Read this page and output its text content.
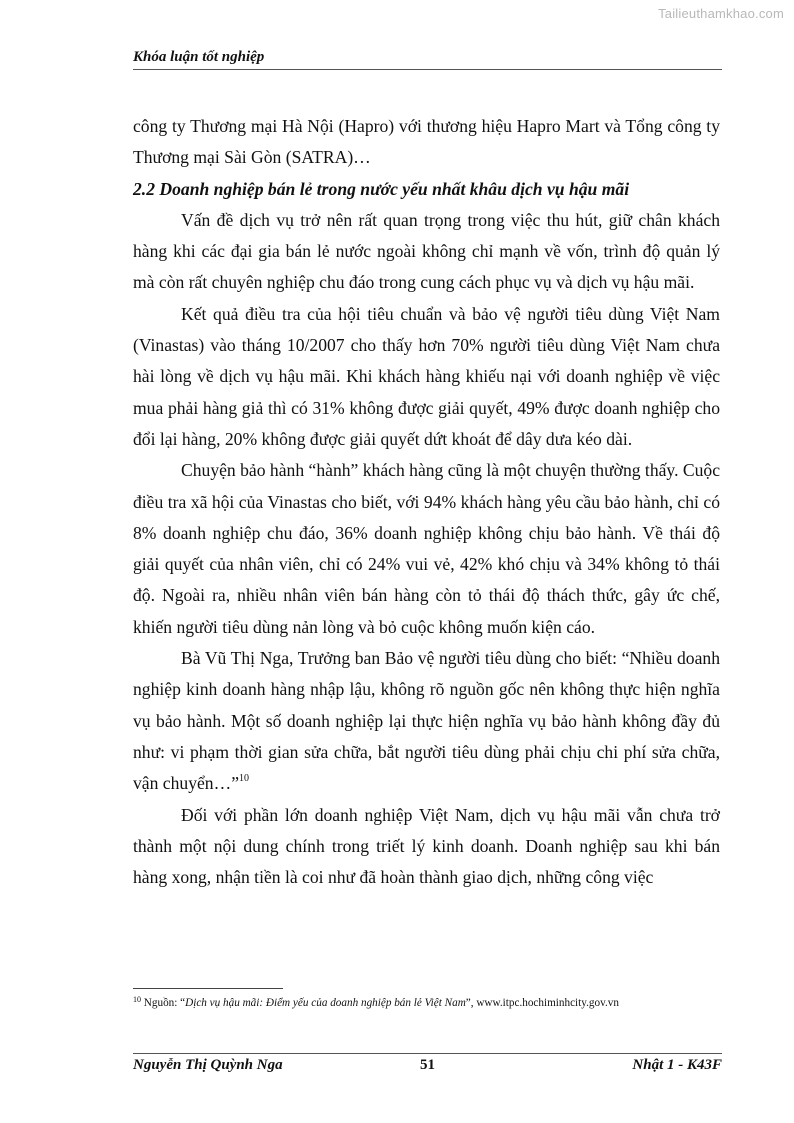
Tailieuthamkhao.com
Khóa luận tốt nghiệp

công ty Thương mại Hà Nội (Hapro) với thương hiệu Hapro Mart và Tổng công ty Thương mại Sài Gòn (SATRA)…

2.2 Doanh nghiệp bán lẻ trong nước yếu nhất khâu dịch vụ hậu mãi

Vấn đề dịch vụ trở nên rất quan trọng trong việc thu hút, giữ chân khách hàng khi các đại gia bán lẻ nước ngoài không chỉ mạnh về vốn, trình độ quản lý mà còn rất chuyên nghiệp chu đáo trong cung cách phục vụ và dịch vụ hậu mãi.

Kết quả điều tra của hội tiêu chuẩn và bảo vệ người tiêu dùng Việt Nam (Vinastas) vào tháng 10/2007 cho thấy hơn 70% người tiêu dùng Việt Nam chưa hài lòng về dịch vụ hậu mãi. Khi khách hàng khiếu nại với doanh nghiệp về việc mua phải hàng giả thì có 31% không được giải quyết, 49% được doanh nghiệp cho đổi lại hàng, 20% không được giải quyết dứt khoát để dây dưa kéo dài.

Chuyện bảo hành “hành” khách hàng cũng là một chuyện thường thấy. Cuộc điều tra xã hội của Vinastas cho biết, với 94% khách hàng yêu cầu bảo hành, chỉ có 8% doanh nghiệp chu đáo, 36% doanh nghiệp không chịu bảo hành. Về thái độ giải quyết của nhân viên, chỉ có 24% vui vẻ, 42% khó chịu và 34% không tỏ thái độ. Ngoài ra, nhiều nhân viên bán hàng còn tỏ thái độ thách thức, gây ức chế, khiến người tiêu dùng nản lòng và bỏ cuộc không muốn kiện cáo.

Bà Vũ Thị Nga, Trưởng ban Bảo vệ người tiêu dùng cho biết: “Nhiều doanh nghiệp kinh doanh hàng nhập lậu, không rõ nguồn gốc nên không thực hiện nghĩa vụ bảo hành. Một số doanh nghiệp lại thực hiện nghĩa vụ bảo hành không đầy đủ như: vi phạm thời gian sửa chữa, bắt người tiêu dùng phải chịu chi phí sửa chữa, vận chuyển…”$^{10}$

Đối với phần lớn doanh nghiệp Việt Nam, dịch vụ hậu mãi vẫn chưa trở thành một nội dung chính trong triết lý kinh doanh. Doanh nghiệp sau khi bán hàng xong, nhận tiền là coi như đã hoàn thành giao dịch, những công việc

$^{10}$ Nguồn: “Dịch vụ hậu mãi: Điểm yếu của doanh nghiệp bán lẻ Việt Nam”, www.itpc.hochiminhcity.gov.vn
Nguyễn Thị Quỳnh Nga	51	Nhật 1 - K43F
